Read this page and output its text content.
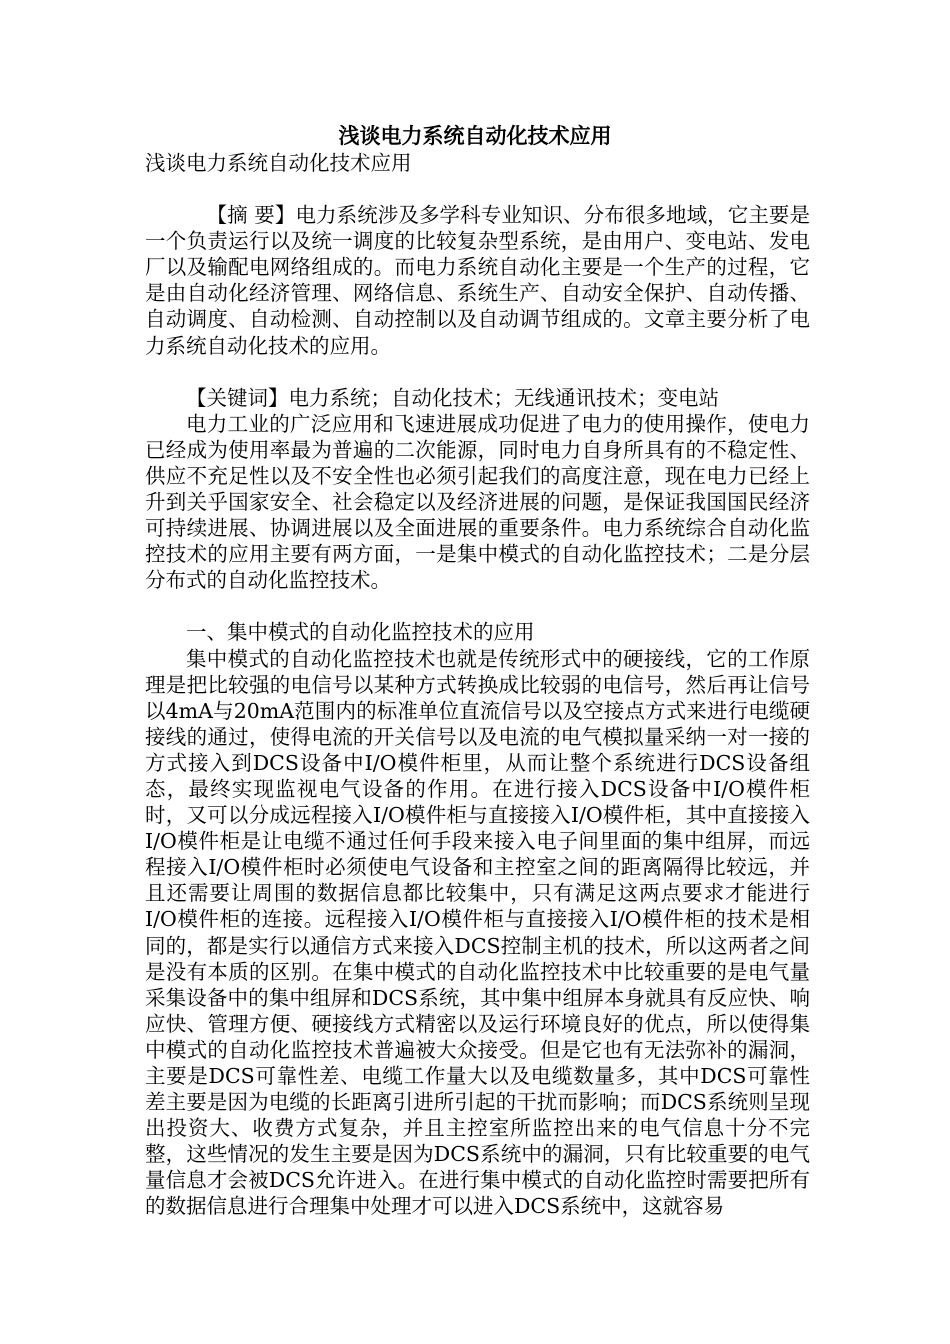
浅谈电力系统自动化技术应用

浅谈电力系统自动化技术应用

【摘 要】电力系统涉及多学科专业知识、分布很多地域，它主要是一个负责运行以及统一调度的比较复杂型系统，是由用户、变电站、发电厂以及输配电网络组成的。而电力系统自动化主要是一个生产的过程，它是由自动化经济管理、网络信息、系统生产、自动安全保护、自动传播、自动调度、自动检测、自动控制以及自动调节组成的。文章主要分析了电力系统自动化技术的应用。

【关键词】电力系统；自动化技术；无线通讯技术；变电站

电力工业的广泛应用和飞速进展成功促进了电力的使用操作，使电力已经成为使用率最为普遍的二次能源，同时电力自身所具有的不稳定性、供应不充足性以及不安全性也必须引起我们的高度注意，现在电力已经上升到关乎国家安全、社会稳定以及经济进展的问题，是保证我国国民经济可持续进展、协调进展以及全面进展的重要条件。电力系统综合自动化监控技术的应用主要有两方面，一是集中模式的自动化监控技术；二是分层分布式的自动化监控技术。

一、集中模式的自动化监控技术的应用

集中模式的自动化监控技术也就是传统形式中的硬接线，它的工作原理是把比较强的电信号以某种方式转换成比较弱的电信号，然后再让信号以4mA与20mA范围内的标准单位直流信号以及空接点方式来进行电缆硬接线的通过，使得电流的开关信号以及电流的电气模拟量采纳一对一接的方式接入到DCS设备中I/O模件柜里，从而让整个系统进行DCS设备组态，最终实现监视电气设备的作用。在进行接入DCS设备中I/O模件柜时，又可以分成远程接入I/O模件柜与直接接入I/O模件柜，其中直接接入I/O模件柜是让电缆不通过任何手段来接入电子间里面的集中组屏，而远程接入I/O模件柜时必须使电气设备和主控室之间的距离隔得比较远，并且还需要让周围的数据信息都比较集中，只有满足这两点要求才能进行I/O模件柜的连接。远程接入I/O模件柜与直接接入I/O模件柜的技术是相同的，都是实行以通信方式来接入DCS控制主机的技术，所以这两者之间是没有本质的区别。在集中模式的自动化监控技术中比较重要的是电气量采集设备中的集中组屏和DCS系统，其中集中组屏本身就具有反应快、响应快、管理方便、硬接线方式精密以及运行环境良好的优点，所以使得集中模式的自动化监控技术普遍被大众接受。但是它也有无法弥补的漏洞，主要是DCS可靠性差、电缆工作量大以及电缆数量多，其中DCS可靠性差主要是因为电缆的长距离引进所引起的干扰而影响；而DCS系统则呈现出投资大、收费方式复杂，并且主控室所监控出来的电气信息十分不完整，这些情况的发生主要是因为DCS系统中的漏洞，只有比较重要的电气量信息才会被DCS允许进入。在进行集中模式的自动化监控时需要把所有的数据信息进行合理集中处理才可以进入DCS系统中，这就容易
